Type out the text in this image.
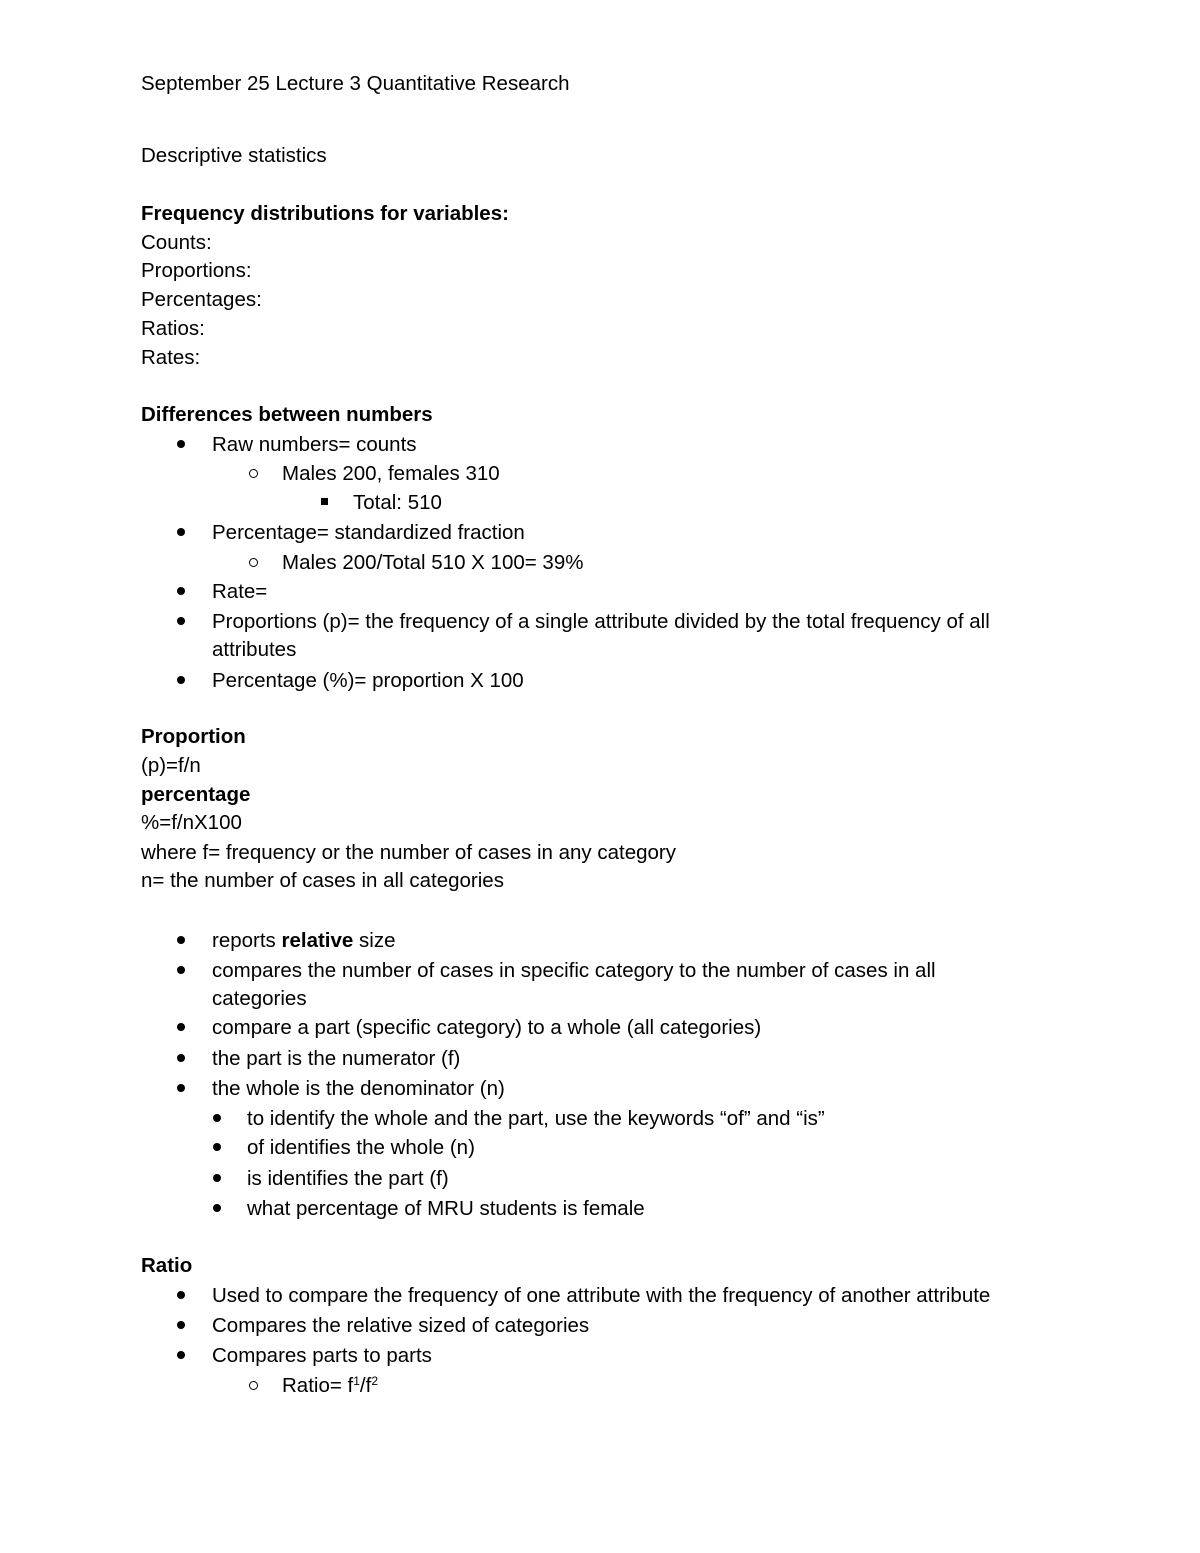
September 25 Lecture 3 Quantitative Research
Descriptive statistics
Frequency distributions for variables:
Counts:
Proportions:
Percentages:
Ratios:
Rates:
Differences between numbers
Raw numbers= counts
Males 200, females 310
Total: 510
Percentage= standardized fraction
Males 200/Total 510 X 100= 39%
Rate=
Proportions (p)= the frequency of a single attribute divided by the total frequency of all
attributes
Percentage (%)= proportion X 100
Proportion
(p)=f/n
percentage
%=f/nX100
where f= frequency or the number of cases in any category
n= the number of cases in all categories
reports relative size
compares the number of cases in specific category to the number of cases in all
categories
compare a part (specific category) to a whole (all categories)
the part is the numerator (f)
the whole is the denominator (n)
to identify the whole and the part, use the keywords “of” and “is”
of identifies the whole (n)
is identifies the part (f)
what percentage of MRU students is female
Ratio
Used to compare the frequency of one attribute with the frequency of another attribute
Compares the relative sized of categories
Compares parts to parts
Ratio= $f^1/f^2$
